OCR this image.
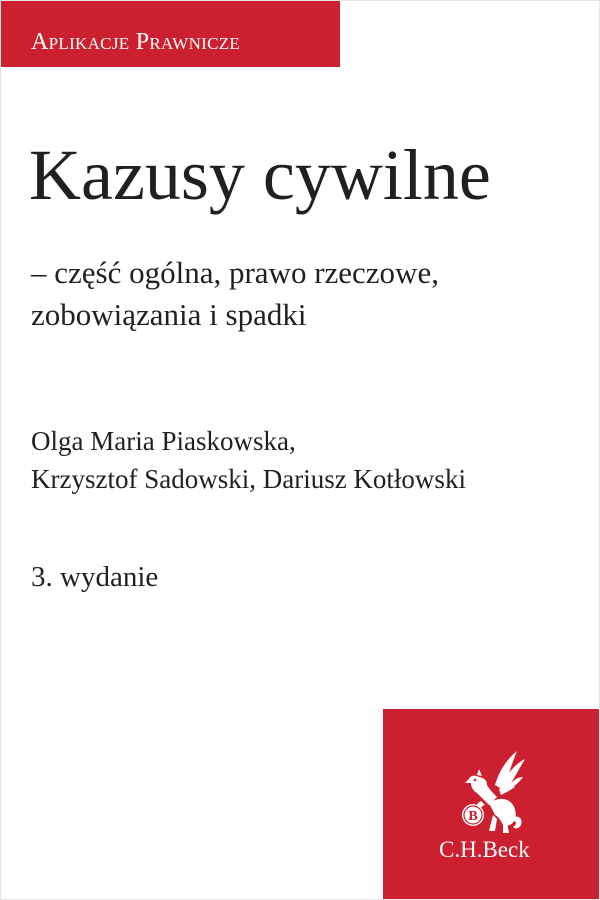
Aplikacje Prawnicze
Kazusy cywilne
– część ogólna, prawo rzeczowe,
zobowiązania i spadki
Olga Maria Piaskowska,
Krzysztof Sadowski, Dariusz Kotłowski
3. wydanie
B
C.H.Beck
